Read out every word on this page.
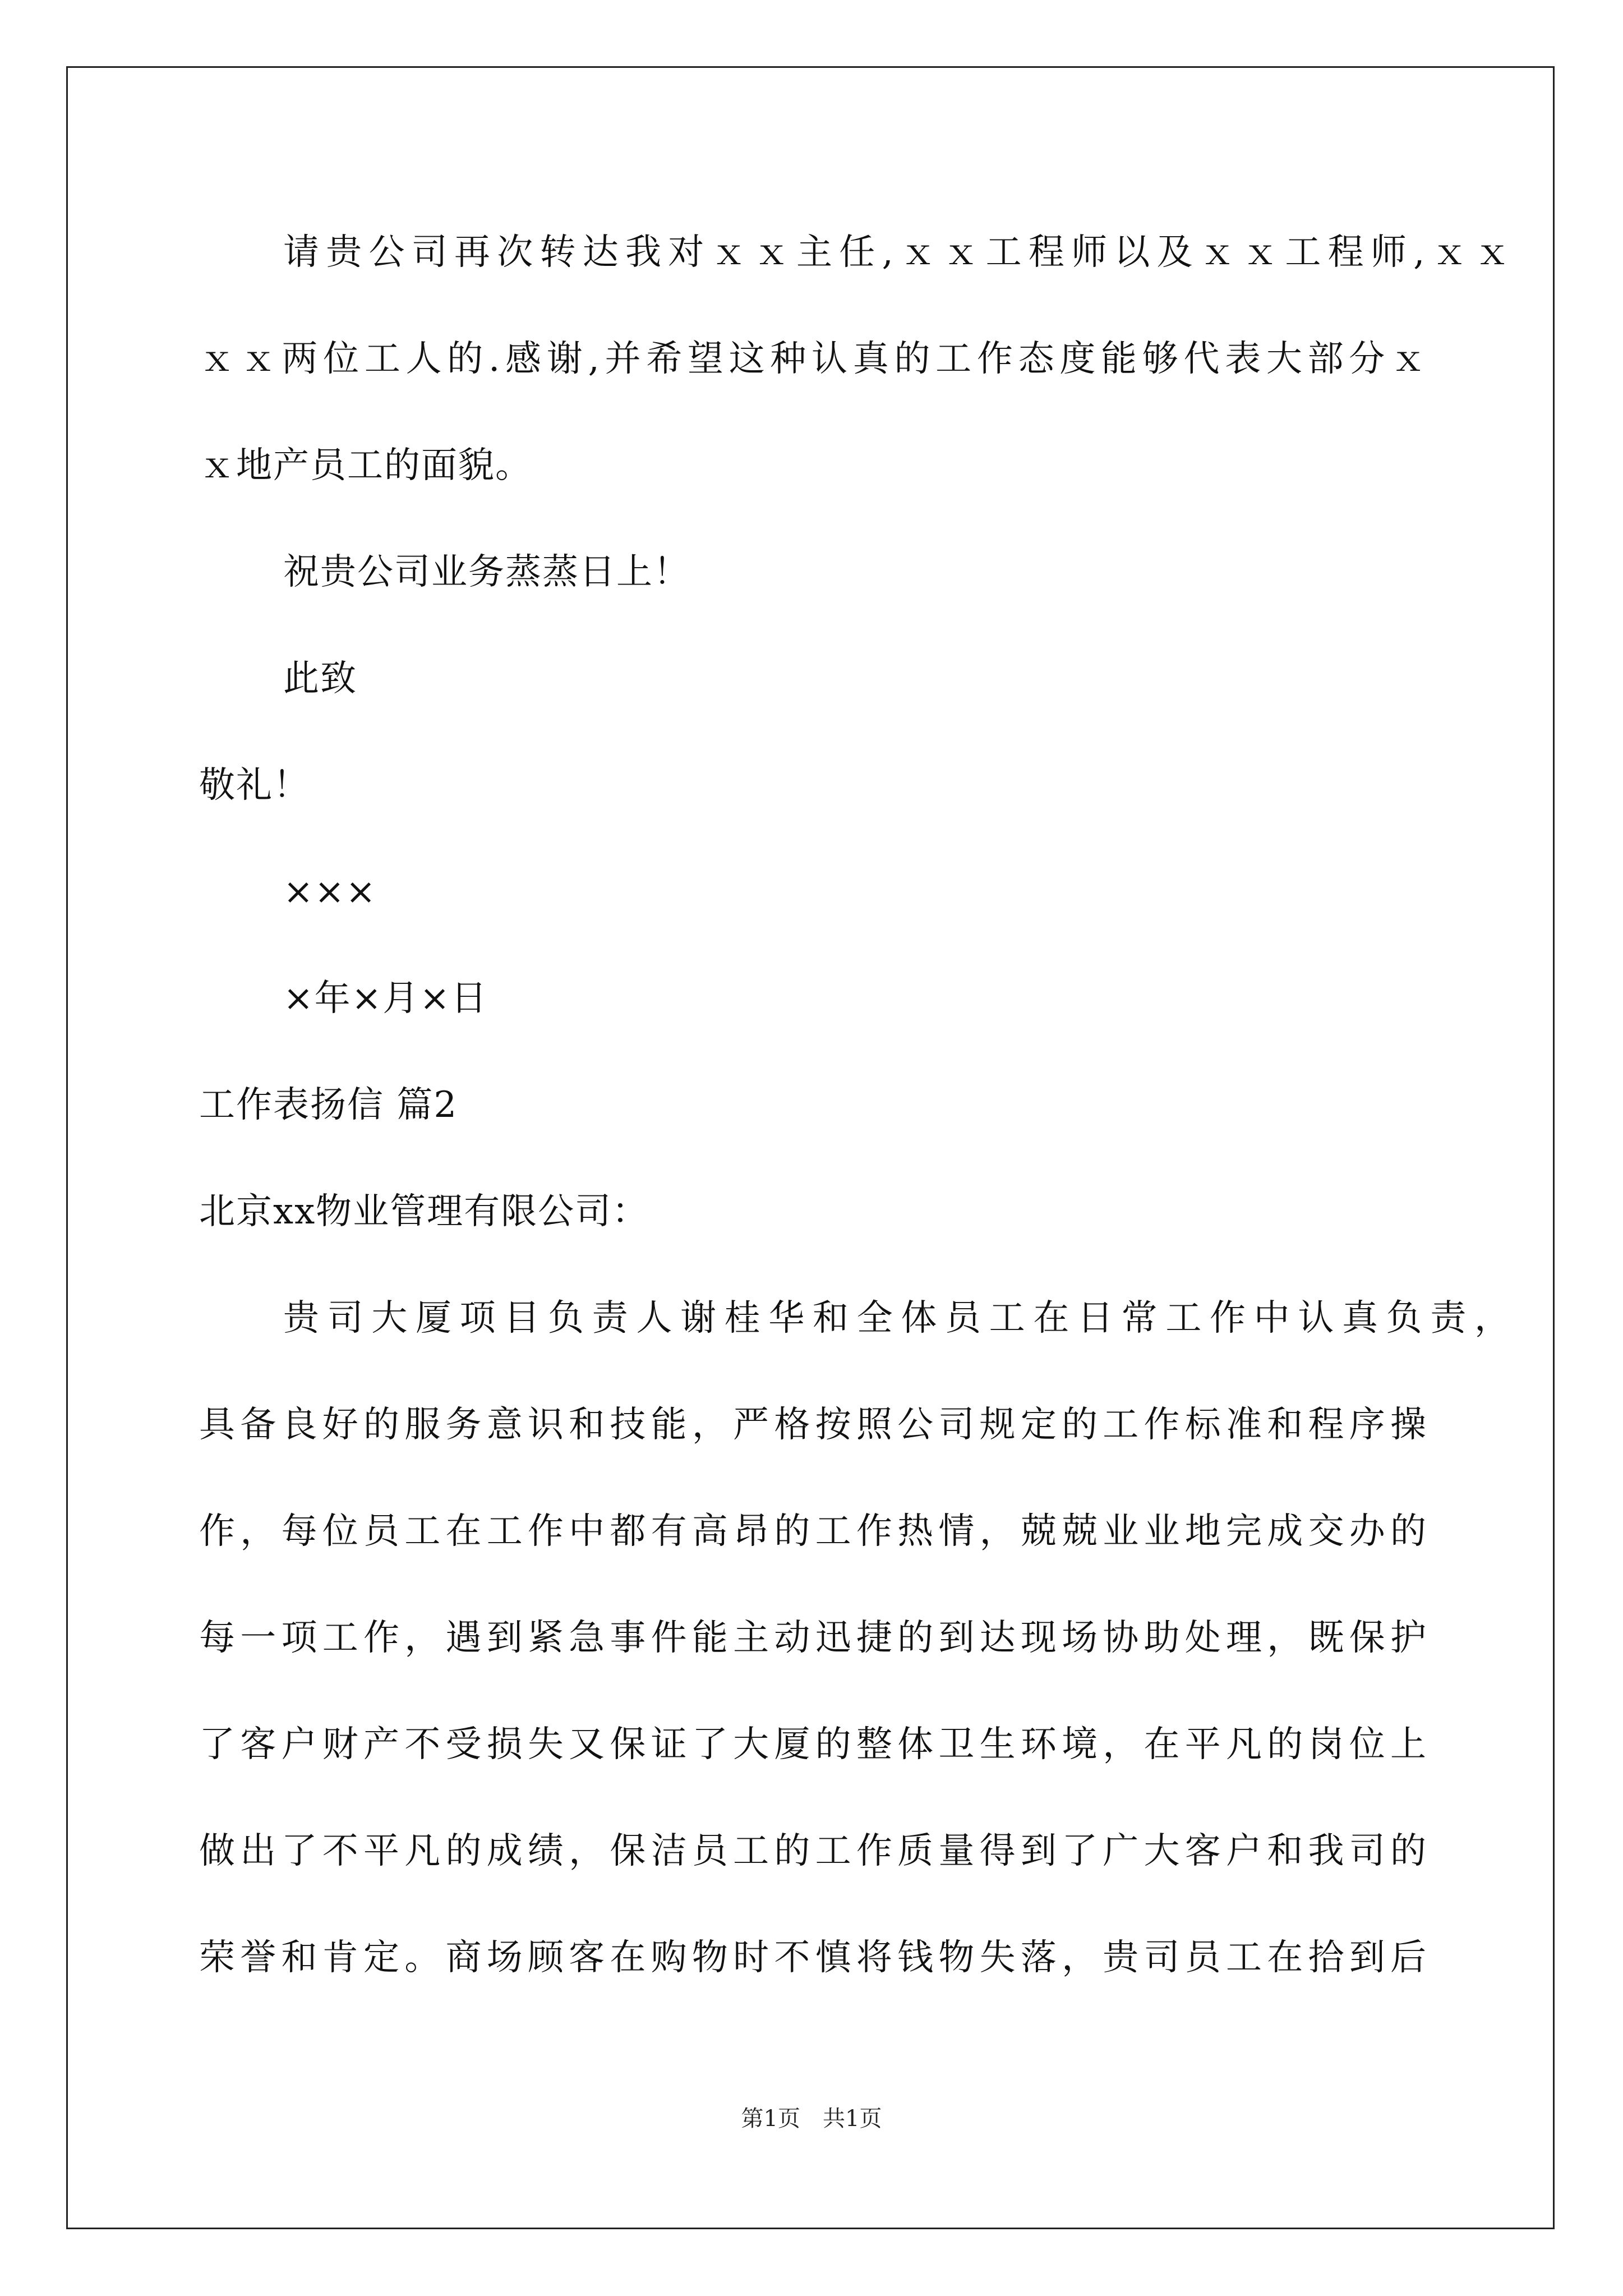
请贵公司再次转达我对ｘｘ主任,ｘｘ工程师以及ｘｘ工程师,ｘｘ
ｘｘ两位工人的.感谢,并希望这种认真的工作态度能够代表大部分ｘ
ｘ地产员工的面貌。
祝贵公司业务蒸蒸日上！
此致
敬礼！
×××
×年×月×日
工作表扬信 篇2
北京xx物业管理有限公司：
贵司大厦项目负责人谢桂华和全体员工在日常工作中认真负责，
具备良好的服务意识和技能，严格按照公司规定的工作标准和程序操
作，每位员工在工作中都有高昂的工作热情，兢兢业业地完成交办的
每一项工作，遇到紧急事件能主动迅捷的到达现场协助处理，既保护
了客户财产不受损失又保证了大厦的整体卫生环境，在平凡的岗位上
做出了不平凡的成绩，保洁员工的工作质量得到了广大客户和我司的
荣誉和肯定。商场顾客在购物时不慎将钱物失落，贵司员工在拾到后
第1页　共1页
